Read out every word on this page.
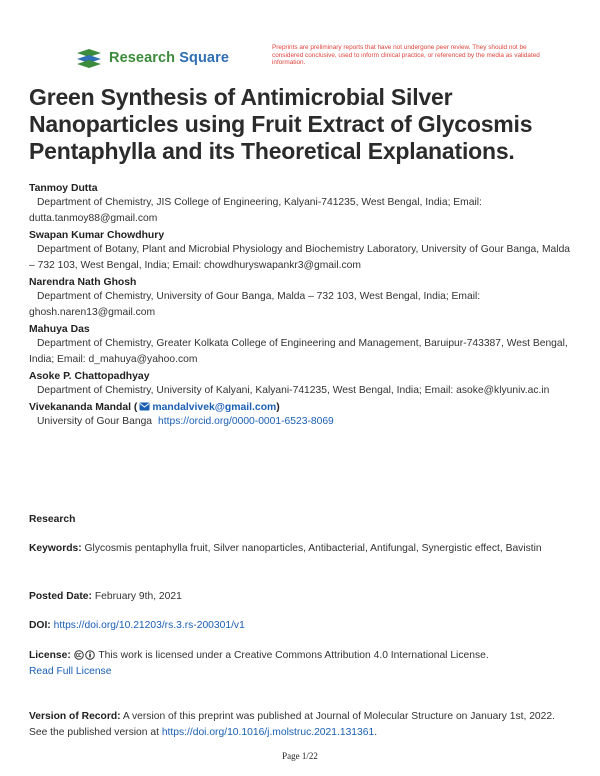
Research Square
Preprints are preliminary reports that have not undergone peer review. They should not be considered conclusive, used to inform clinical practice, or referenced by the media as validated information.
Green Synthesis of Antimicrobial Silver Nanoparticles using Fruit Extract of Glycosmis Pentaphylla and its Theoretical Explanations.
Tanmoy Dutta
Department of Chemistry, JIS College of Engineering, Kalyani-741235, West Bengal, India; Email: dutta.tanmoy88@gmail.com
Swapan Kumar Chowdhury
Department of Botany, Plant and Microbial Physiology and Biochemistry Laboratory, University of Gour Banga, Malda – 732 103, West Bengal, India; Email: chowdhuryswapankr3@gmail.com
Narendra Nath Ghosh
Department of Chemistry, University of Gour Banga, Malda – 732 103, West Bengal, India; Email: ghosh.naren13@gmail.com
Mahuya Das
Department of Chemistry, Greater Kolkata College of Engineering and Management, Baruipur-743387, West Bengal, India; Email: d_mahuya@yahoo.com
Asoke P. Chattopadhyay
Department of Chemistry, University of Kalyani, Kalyani-741235, West Bengal, India; Email: asoke@klyuniv.ac.in
Vivekananda Mandal ( mandalvivek@gmail.com)
University of Gour Banga https://orcid.org/0000-0001-6523-8069

Research

Keywords: Glycosmis pentaphylla fruit, Silver nanoparticles, Antibacterial, Antifungal, Synergistic effect, Bavistin

Posted Date: February 9th, 2021

DOI: https://doi.org/10.21203/rs.3.rs-200301/v1

License:	This work is licensed under a Creative Commons Attribution 4.0 International License.
Read Full License

Version of Record: A version of this preprint was published at Journal of Molecular Structure on January 1st, 2022. See the published version at https://doi.org/10.1016/j.molstruc.2021.131361.

Page 1/22
